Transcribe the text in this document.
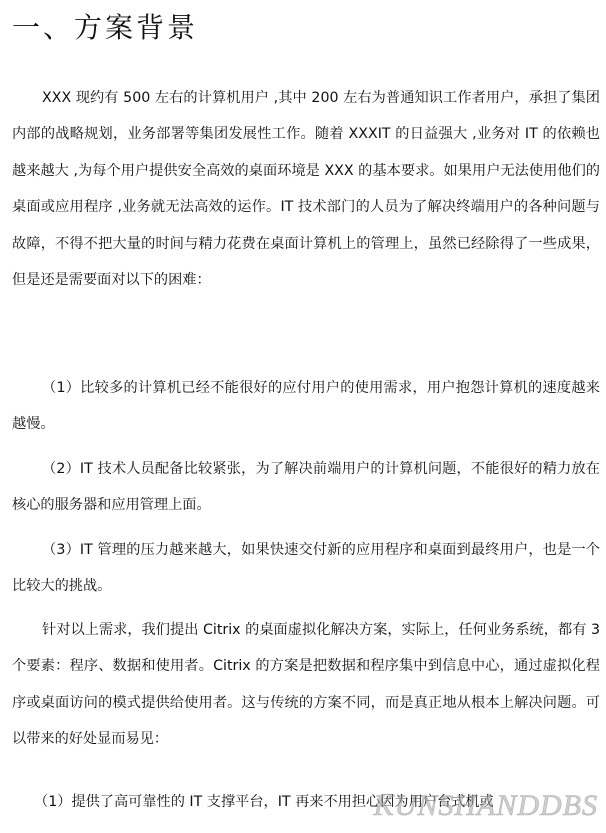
一、方案背景

XXX 现约有 500 左右的计算机用户 ,其中 200 左右为普通知识工作者用户，承担了集团内部的战略规划，业务部署等集团发展性工作。随着 XXXIT 的日益强大 ,业务对 IT 的依赖也越来越大 ,为每个用户提供安全高效的桌面环境是 XXX 的基本要求。如果用户无法使用他们的桌面或应用程序 ,业务就无法高效的运作。IT 技术部门的人员为了解决终端用户的各种问题与故障，不得不把大量的时间与精力花费在桌面计算机上的管理上，虽然已经除得了一些成果，但是还是需要面对以下的困难：

（1）比较多的计算机已经不能很好的应付用户的使用需求，用户抱怨计算机的速度越来越慢。

（2）IT 技术人员配备比较紧张，为了解决前端用户的计算机问题，不能很好的精力放在核心的服务器和应用管理上面。

（3）IT 管理的压力越来越大，如果快速交付新的应用程序和桌面到最终用户，也是一个比较大的挑战。

针对以上需求，我们提出 Citrix 的桌面虚拟化解决方案，实际上，任何业务系统，都有 3 个要素：程序、数据和使用者。Citrix 的方案是把数据和程序集中到信息中心，通过虚拟化程序或桌面访问的模式提供给使用者。这与传统的方案不同，而是真正地从根本上解决问题。可以带来的好处显而易见：

（1）提供了高可靠性的 IT 支撑平台，IT 再来不用担心因为用户台式机或

KUNSHANDDBS
